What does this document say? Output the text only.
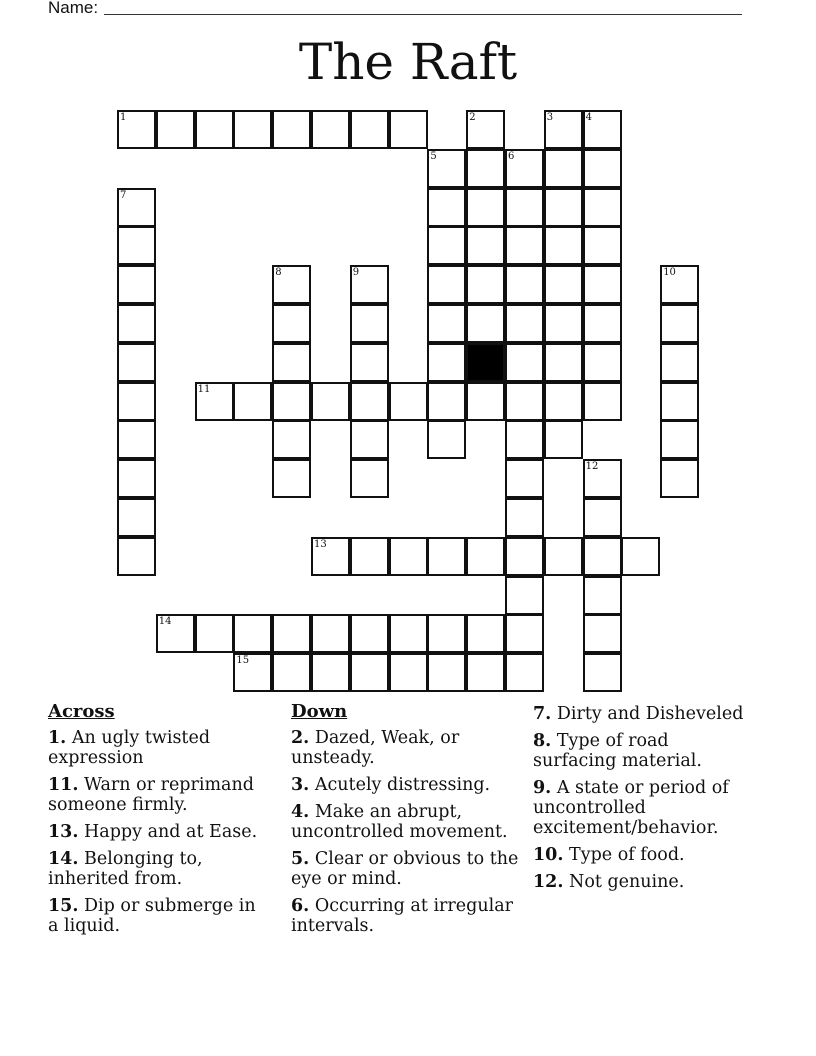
Name:
The Raft
1	2	3	4
5	6
7
8	9	10
11
12
13
14
15
Across
1. An ugly twisted expression
11. Warn or reprimand someone firmly.
13. Happy and at Ease.
14. Belonging to, inherited from.
15. Dip or submerge in a liquid.
Down
2. Dazed, Weak, or unsteady.
3. Acutely distressing.
4. Make an abrupt, uncontrolled movement.
5. Clear or obvious to the eye or mind.
6. Occurring at irregular intervals.
7. Dirty and Disheveled
8. Type of road surfacing material.
9. A state or period of uncontrolled excitement/behavior.
10. Type of food.
12. Not genuine.
